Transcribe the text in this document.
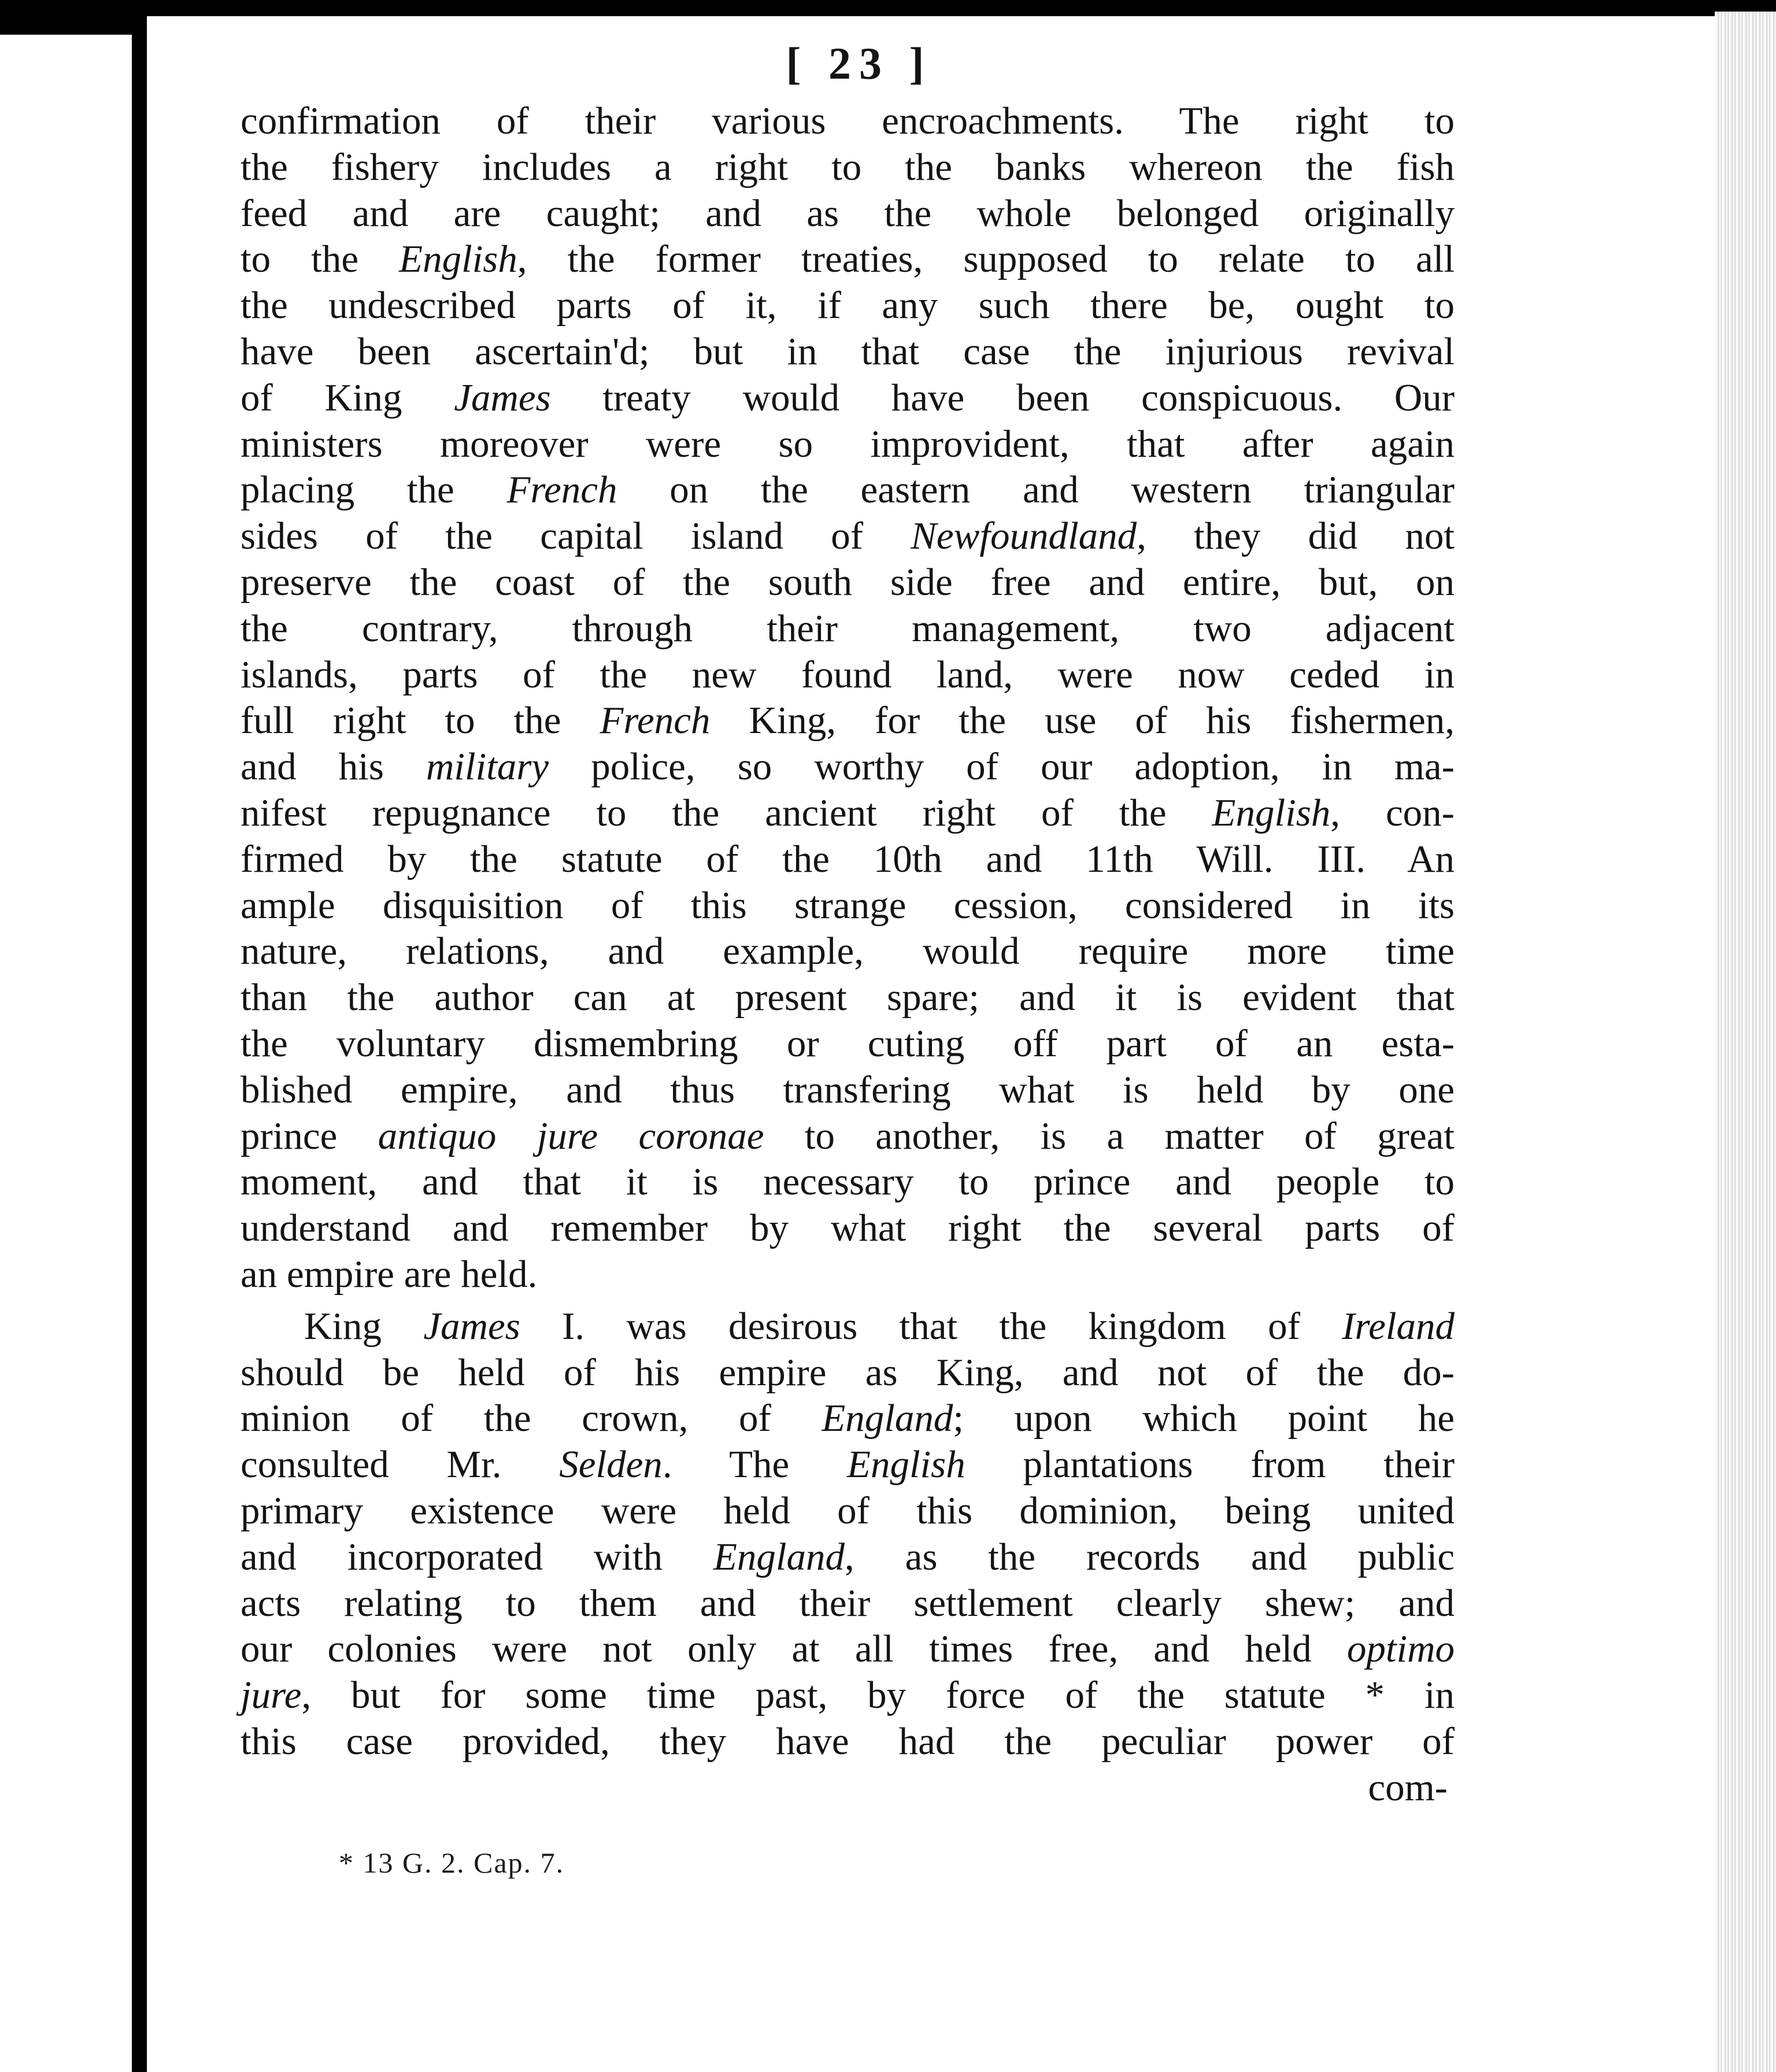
[ 23 ]
confirmation of their various encroachments. The right to
the fishery includes a right to the banks whereon the fish
feed and are caught; and as the whole belonged originally
to the English, the former treaties, supposed to relate to all
the undescribed parts of it, if any such there be, ought to
have been ascertain'd; but in that case the injurious revival
of King James treaty would have been conspicuous. Our
ministers moreover were so improvident, that after again
placing the French on the eastern and western triangular
sides of the capital island of Newfoundland, they did not
preserve the coast of the south side free and entire, but, on
the contrary, through their management, two adjacent
islands, parts of the new found land, were now ceded in
full right to the French King, for the use of his fishermen,
and his military police, so worthy of our adoption, in ma-
nifest repugnance to the ancient right of the English, con-
firmed by the statute of the 10th and 11th Will. III. An
ample disquisition of this strange cession, considered in its
nature, relations, and example, would require more time
than the author can at present spare; and it is evident that
the voluntary dismembring or cuting off part of an esta-
blished empire, and thus transfering what is held by one
prince antiquo jure coronae to another, is a matter of great
moment, and that it is necessary to prince and people to
understand and remember by what right the several parts of
an empire are held.
King James I. was desirous that the kingdom of Ireland
should be held of his empire as King, and not of the do-
minion of the crown, of England; upon which point he
consulted Mr. Selden. The English plantations from their
primary existence were held of this dominion, being united
and incorporated with England, as the records and public
acts relating to them and their settlement clearly shew; and
our colonies were not only at all times free, and held optimo
jure, but for some time past, by force of the statute * in
this case provided, they have had the peculiar power of
com-
* 13 G. 2. Cap. 7.
